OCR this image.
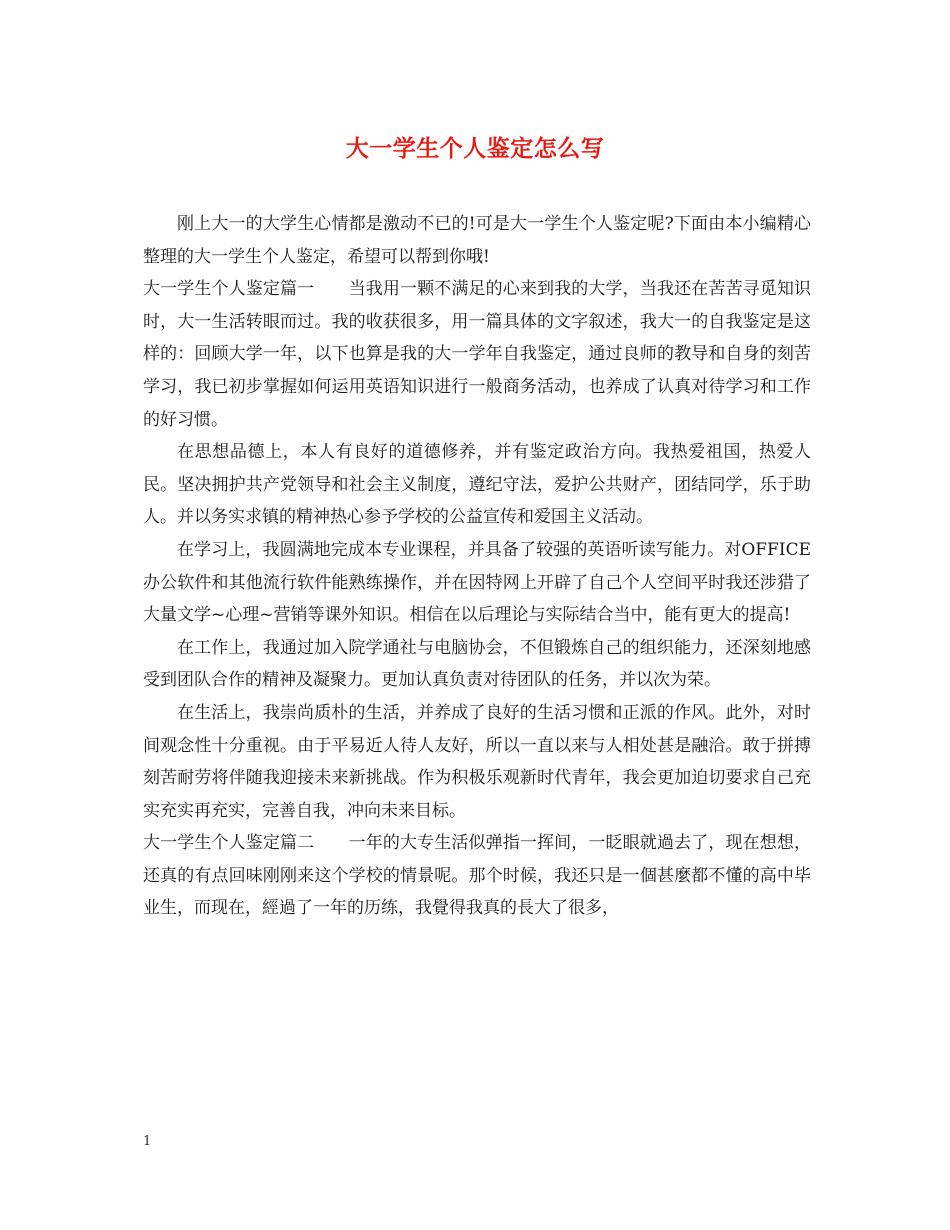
大一学生个人鉴定怎么写

刚上大一的大学生心情都是激动不已的!可是大一学生个人鉴定呢?下面由本小编精心整理的大一学生个人鉴定，希望可以帮到你哦!

大一学生个人鉴定篇一　　当我用一颗不满足的心来到我的大学，当我还在苦苦寻觅知识时，大一生活转眼而过。我的收获很多，用一篇具体的文字叙述，我大一的自我鉴定是这样的：回顾大学一年，以下也算是我的大一学年自我鉴定，通过良师的教导和自身的刻苦学习，我已初步掌握如何运用英语知识进行一般商务活动，也养成了认真对待学习和工作的好习惯。

在思想品德上，本人有良好的道德修养，并有鉴定政治方向。我热爱祖国，热爱人民。坚决拥护共产党领导和社会主义制度，遵纪守法，爱护公共财产，团结同学，乐于助人。并以务实求镇的精神热心参予学校的公益宣传和爱国主义活动。

在学习上，我圆满地完成本专业课程，并具备了较强的英语听读写能力。对OFFICE办公软件和其他流行软件能熟练操作，并在因特网上开辟了自己个人空间平时我还涉猎了大量文学~心理~营销等课外知识。相信在以后理论与实际结合当中，能有更大的提高!

在工作上，我通过加入院学通社与电脑协会，不但锻炼自己的组织能力，还深刻地感受到团队合作的精神及凝聚力。更加认真负责对待团队的任务，并以次为荣。

在生活上，我崇尚质朴的生活，并养成了良好的生活习惯和正派的作风。此外，对时间观念性十分重视。由于平易近人待人友好，所以一直以来与人相处甚是融洽。敢于拼搏刻苦耐劳将伴随我迎接未来新挑战。作为积极乐观新时代青年，我会更加迫切要求自己充实充实再充实，完善自我，冲向未来目标。

大一学生个人鉴定篇二　　一年的大专生活似弹指一挥间，一眨眼就過去了，现在想想，还真的有点回味刚刚来这个学校的情景呢。那个时候，我还只是一個甚麼都不懂的高中毕业生，而现在，經過了一年的历练，我覺得我真的長大了很多，

1
